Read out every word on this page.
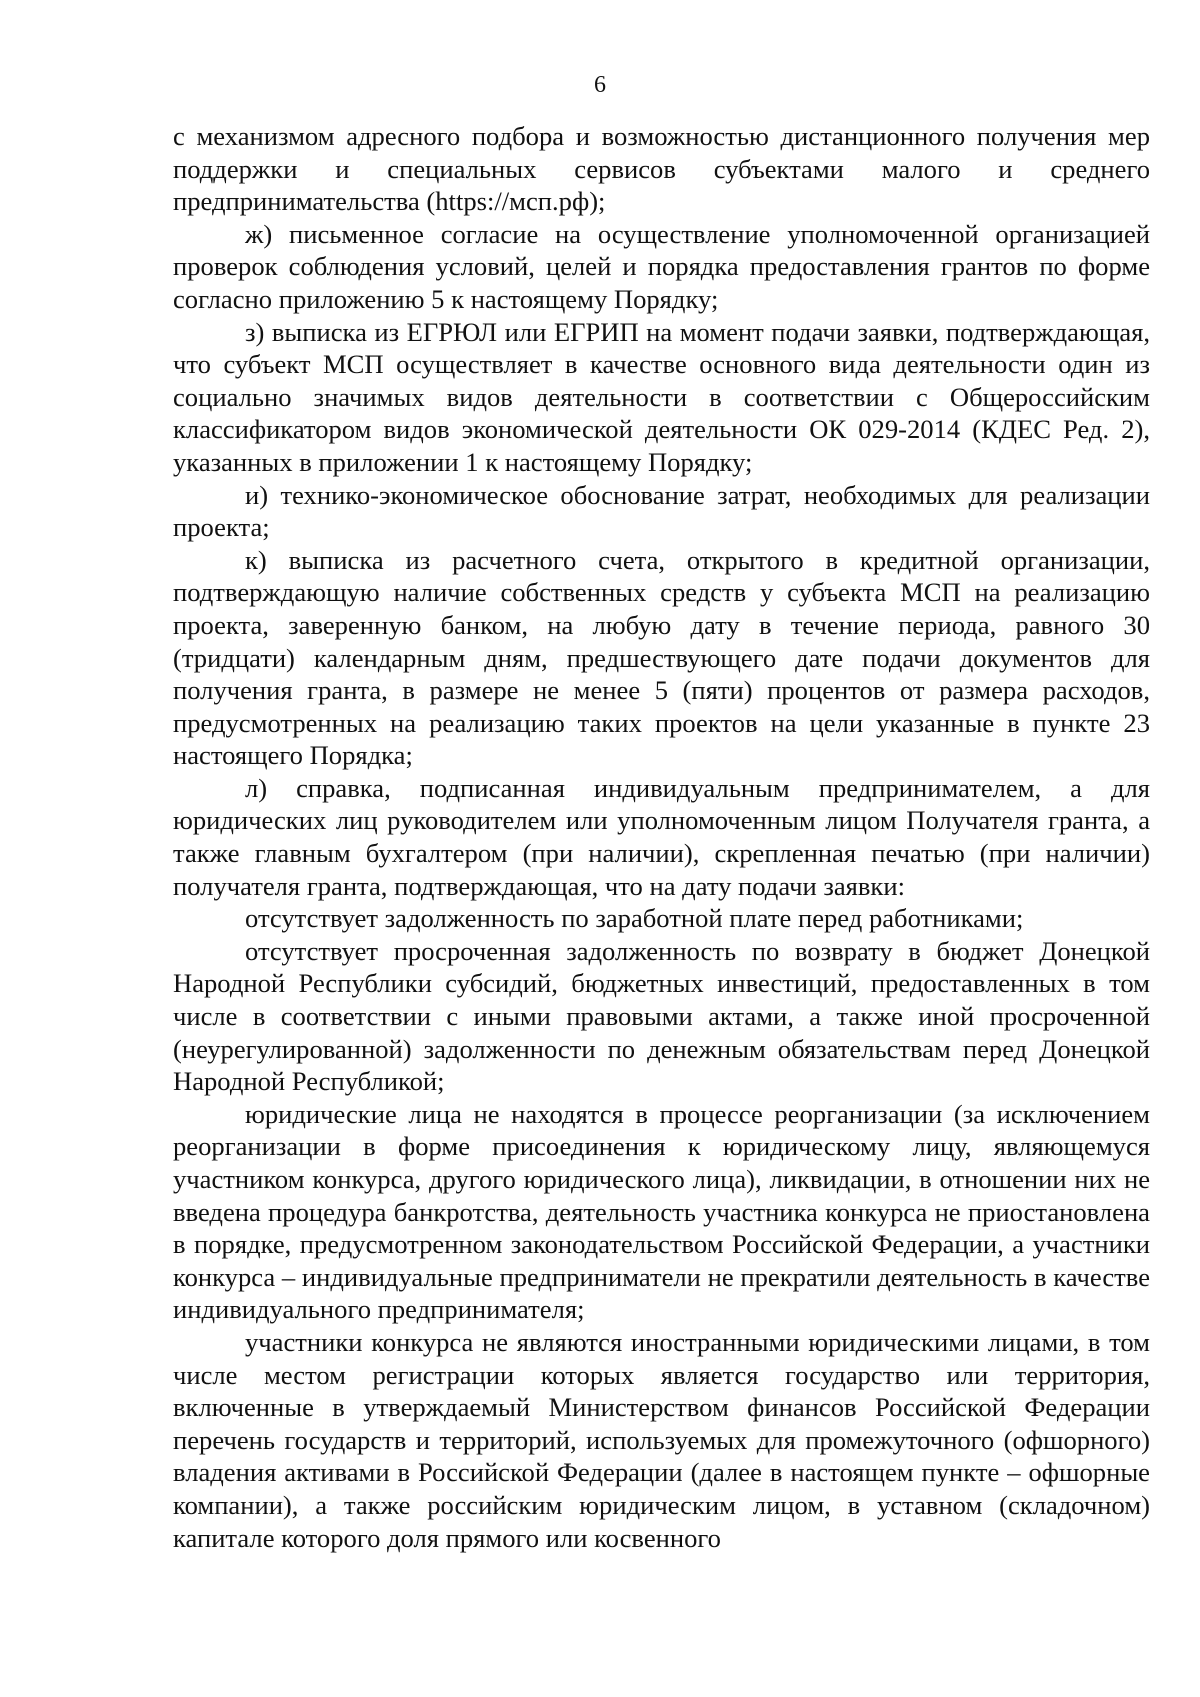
6

с механизмом адресного подбора и возможностью дистанционного получения мер поддержки и специальных сервисов субъектами малого и среднего предпринимательства (https://мсп.рф);

ж) письменное согласие на осуществление уполномоченной организацией проверок соблюдения условий, целей и порядка предоставления грантов по форме согласно приложению 5 к настоящему Порядку;

з) выписка из ЕГРЮЛ или ЕГРИП на момент подачи заявки, подтверждающая, что субъект МСП осуществляет в качестве основного вида деятельности один из социально значимых видов деятельности в соответствии с Общероссийским классификатором видов экономической деятельности ОК 029-2014 (КДЕС Ред. 2), указанных в приложении 1 к настоящему Порядку;

и) технико-экономическое обоснование затрат, необходимых для реализации проекта;

к) выписка из расчетного счета, открытого в кредитной организации, подтверждающую наличие собственных средств у субъекта МСП на реализацию проекта, заверенную банком, на любую дату в течение периода, равного 30 (тридцати) календарным дням, предшествующего дате подачи документов для получения гранта, в размере не менее 5 (пяти) процентов от размера расходов, предусмотренных на реализацию таких проектов на цели указанные в пункте 23 настоящего Порядка;

л) справка, подписанная индивидуальным предпринимателем, а для юридических лиц руководителем или уполномоченным лицом Получателя гранта, а также главным бухгалтером (при наличии), скрепленная печатью (при наличии) получателя гранта, подтверждающая, что на дату подачи заявки:

отсутствует задолженность по заработной плате перед работниками;

отсутствует просроченная задолженность по возврату в бюджет Донецкой Народной Республики субсидий, бюджетных инвестиций, предоставленных в том числе в соответствии с иными правовыми актами, а также иной просроченной (неурегулированной) задолженности по денежным обязательствам перед Донецкой Народной Республикой;

юридические лица не находятся в процессе реорганизации (за исключением реорганизации в форме присоединения к юридическому лицу, являющемуся участником конкурса, другого юридического лица), ликвидации, в отношении них не введена процедура банкротства, деятельность участника конкурса не приостановлена в порядке, предусмотренном законодательством Российской Федерации, а участники конкурса – индивидуальные предприниматели не прекратили деятельность в качестве индивидуального предпринимателя;

участники конкурса не являются иностранными юридическими лицами, в том числе местом регистрации которых является государство или территория, включенные в утверждаемый Министерством финансов Российской Федерации перечень государств и территорий, используемых для промежуточного (офшорного) владения активами в Российской Федерации (далее в настоящем пункте – офшорные компании), а также российским юридическим лицом, в уставном (складочном) капитале которого доля прямого или косвенного
